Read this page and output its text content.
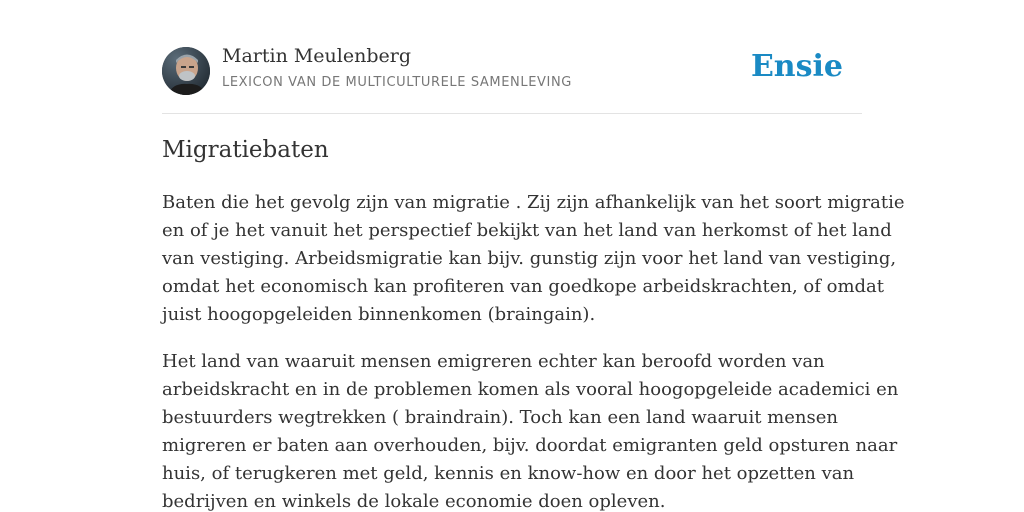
Martin Meulenberg
LEXICON VAN DE MULTICULTURELE SAMENLEVING	Ensie
Migratiebaten

Baten die het gevolg zijn van migratie . Zij zijn afhankelijk van het soort migratie
en of je het vanuit het perspectief bekijkt van het land van herkomst of het land
van vestiging. Arbeidsmigratie kan bijv. gunstig zijn voor het land van vestiging,
omdat het economisch kan profiteren van goedkope arbeidskrachten, of omdat
juist hoogopgeleiden binnenkomen (braingain).

Het land van waaruit mensen emigreren echter kan beroofd worden van
arbeidskracht en in de problemen komen als vooral hoogopgeleide academici en
bestuurders wegtrekken ( braindrain). Toch kan een land waaruit mensen
migreren er baten aan overhouden, bijv. doordat emigranten geld opsturen naar
huis, of terugkeren met geld, kennis en know-how en door het opzetten van
bedrijven en winkels de lokale economie doen opleven.
